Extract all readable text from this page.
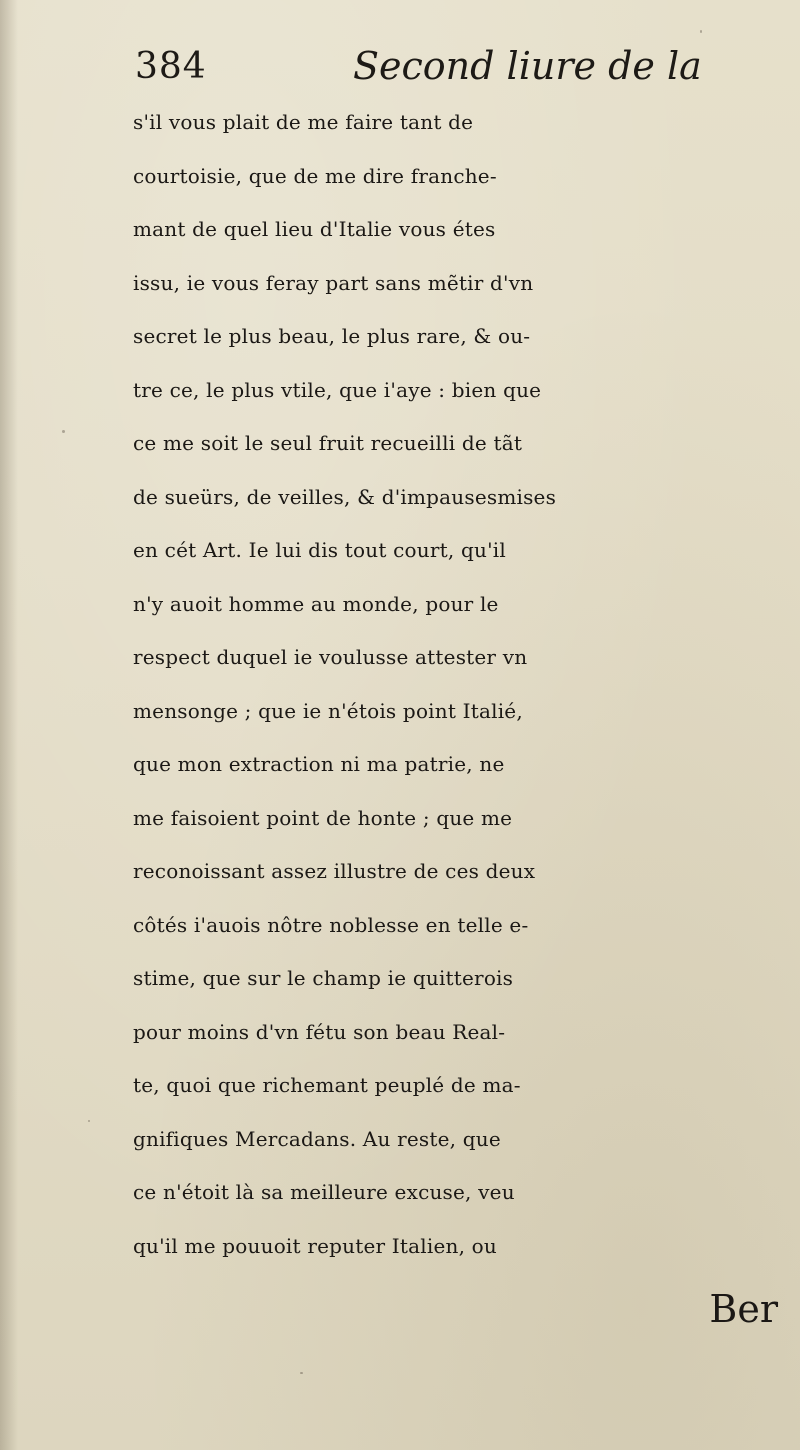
384	Second liure de la
s'il vous plait de me faire tant de
courtoisie, que de me dire franche-
mant de quel lieu d'Italie vous étes
issu, ie vous feray part sans mẽtir d'vn
secret le plus beau, le plus rare, & ou-
tre ce, le plus vtile, que i'aye : bien que
ce me soit le seul fruit recueilli de tãt
de sueürs, de veilles, & d'impausesmises
en cét Art. Ie lui dis tout court, qu'il
n'y auoit homme au monde, pour le
respect duquel ie voulusse attester vn
mensonge ; que ie n'étois point Italié,
que mon extraction ni ma patrie, ne
me faisoient point de honte ; que me
reconoissant assez illustre de ces deux
côtés i'auois nôtre noblesse en telle e-
stime, que sur le champ ie quitterois
pour moins d'vn fétu son beau Real-
te, quoi que richemant peuplé de ma-
gnifiques Mercadans. Au reste, que
ce n'étoit là sa meilleure excuse, veu
qu'il me pouuoit reputer Italien, ou
Ber
